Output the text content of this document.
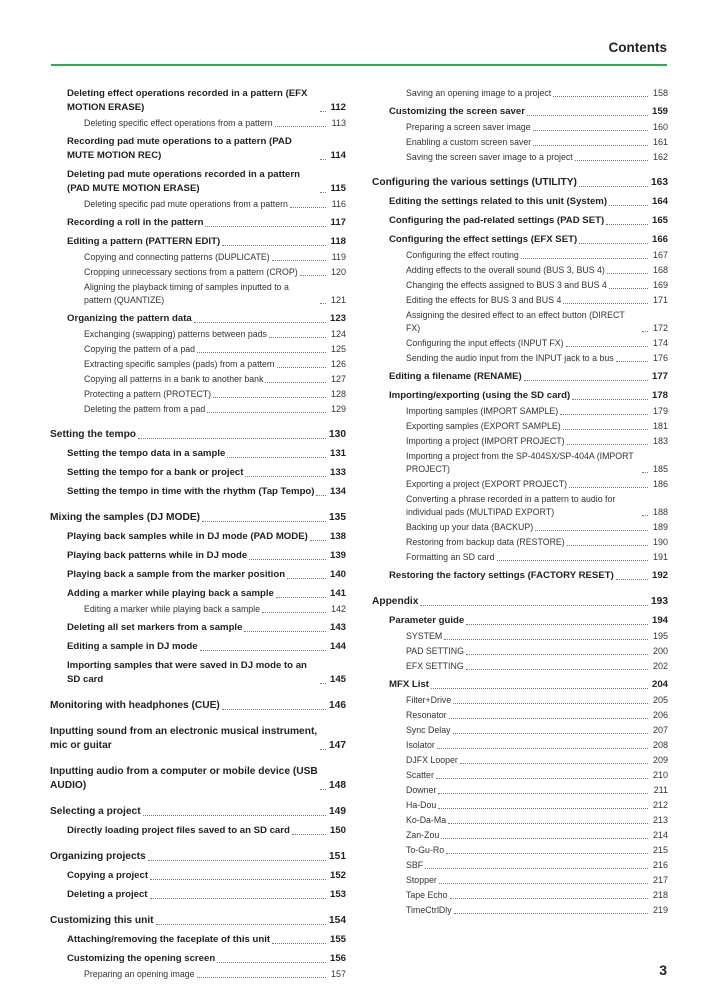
Contents
Deleting effect operations recorded in a pattern (EFX MOTION ERASE)	112
Deleting specific effect operations from a pattern	113
Recording pad mute operations to a pattern (PAD MUTE MOTION REC)	114
Deleting pad mute operations recorded in a pattern (PAD MUTE MOTION ERASE)	115
Deleting specific pad mute operations from a pattern	116
Recording a roll in the pattern	117
Editing a pattern (PATTERN EDIT)	118
Copying and connecting patterns (DUPLICATE)	119
Cropping unnecessary sections from a pattern (CROP)	120
Aligning the playback timing of samples inputted to a pattern (QUANTIZE)	121
Organizing the pattern data	123
Exchanging (swapping) patterns between pads	124
Copying the pattern of a pad	125
Extracting specific samples (pads) from a pattern	126
Copying all patterns in a bank to another bank	127
Protecting a pattern (PROTECT)	128
Deleting the pattern from a pad	129
Setting the tempo	130
Setting the tempo data in a sample	131
Setting the tempo for a bank or project	133
Setting the tempo in time with the rhythm (Tap Tempo) 134
Mixing the samples (DJ MODE)	135
Playing back samples while in DJ mode (PAD MODE) 138
Playing back patterns while in DJ mode	139
Playing back a sample from the marker position	140
Adding a marker while playing back a sample	141
Editing a marker while playing back a sample	142
Deleting all set markers from a sample	143
Editing a sample in DJ mode	144
Importing samples that were saved in DJ mode to an SD card	145
Monitoring with headphones (CUE)	146
Inputting sound from an electronic musical instrument, mic or guitar	147
Inputting audio from a computer or mobile device (USB AUDIO)	148
Selecting a project	149
Directly loading project files saved to an SD card	150
Organizing projects	151
Copying a project	152
Deleting a project	153
Customizing this unit	154
Attaching/removing the faceplate of this unit	155
Customizing the opening screen	156
Preparing an opening image	157
Saving an opening image to a project	158
Customizing the screen saver	159
Preparing a screen saver image	160
Enabling a custom screen saver	161
Saving the screen saver image to a project	162
Configuring the various settings (UTILITY)	163
Editing the settings related to this unit (System)	164
Configuring the pad-related settings (PAD SET)	165
Configuring the effect settings (EFX SET)	166
Configuring the effect routing	167
Adding effects to the overall sound (BUS 3, BUS 4)	168
Changing the effects assigned to BUS 3 and BUS 4	169
Editing the effects for BUS 3 and BUS 4	171
Assigning the desired effect to an effect button (DIRECT FX)	172
Configuring the input effects (INPUT FX)	174
Sending the audio input from the INPUT jack to a bus	176
Editing a filename (RENAME)	177
Importing/exporting (using the SD card)	178
Importing samples (IMPORT SAMPLE)	179
Exporting samples (EXPORT SAMPLE)	181
Importing a project (IMPORT PROJECT)	183
Importing a project from the SP-404SX/SP-404A (IMPORT PROJECT)	185
Exporting a project (EXPORT PROJECT)	186
Converting a phrase recorded in a pattern to audio for individual pads (MULTIPAD EXPORT)	188
Backing up your data (BACKUP)	189
Restoring from backup data (RESTORE)	190
Formatting an SD card	191
Restoring the factory settings (FACTORY RESET)	192
Appendix	193
Parameter guide	194
SYSTEM	195
PAD SETTING	200
EFX SETTING	202
MFX List	204
Filter+Drive	205
Resonator	206
Sync Delay	207
Isolator	208
DJFX Looper	209
Scatter	210
Downer	211
Ha-Dou	212
Ko-Da-Ma	213
Zan-Zou	214
To-Gu-Ro	215
SBF	216
Stopper	217
Tape Echo	218
TimeCtrlDly	219
3
